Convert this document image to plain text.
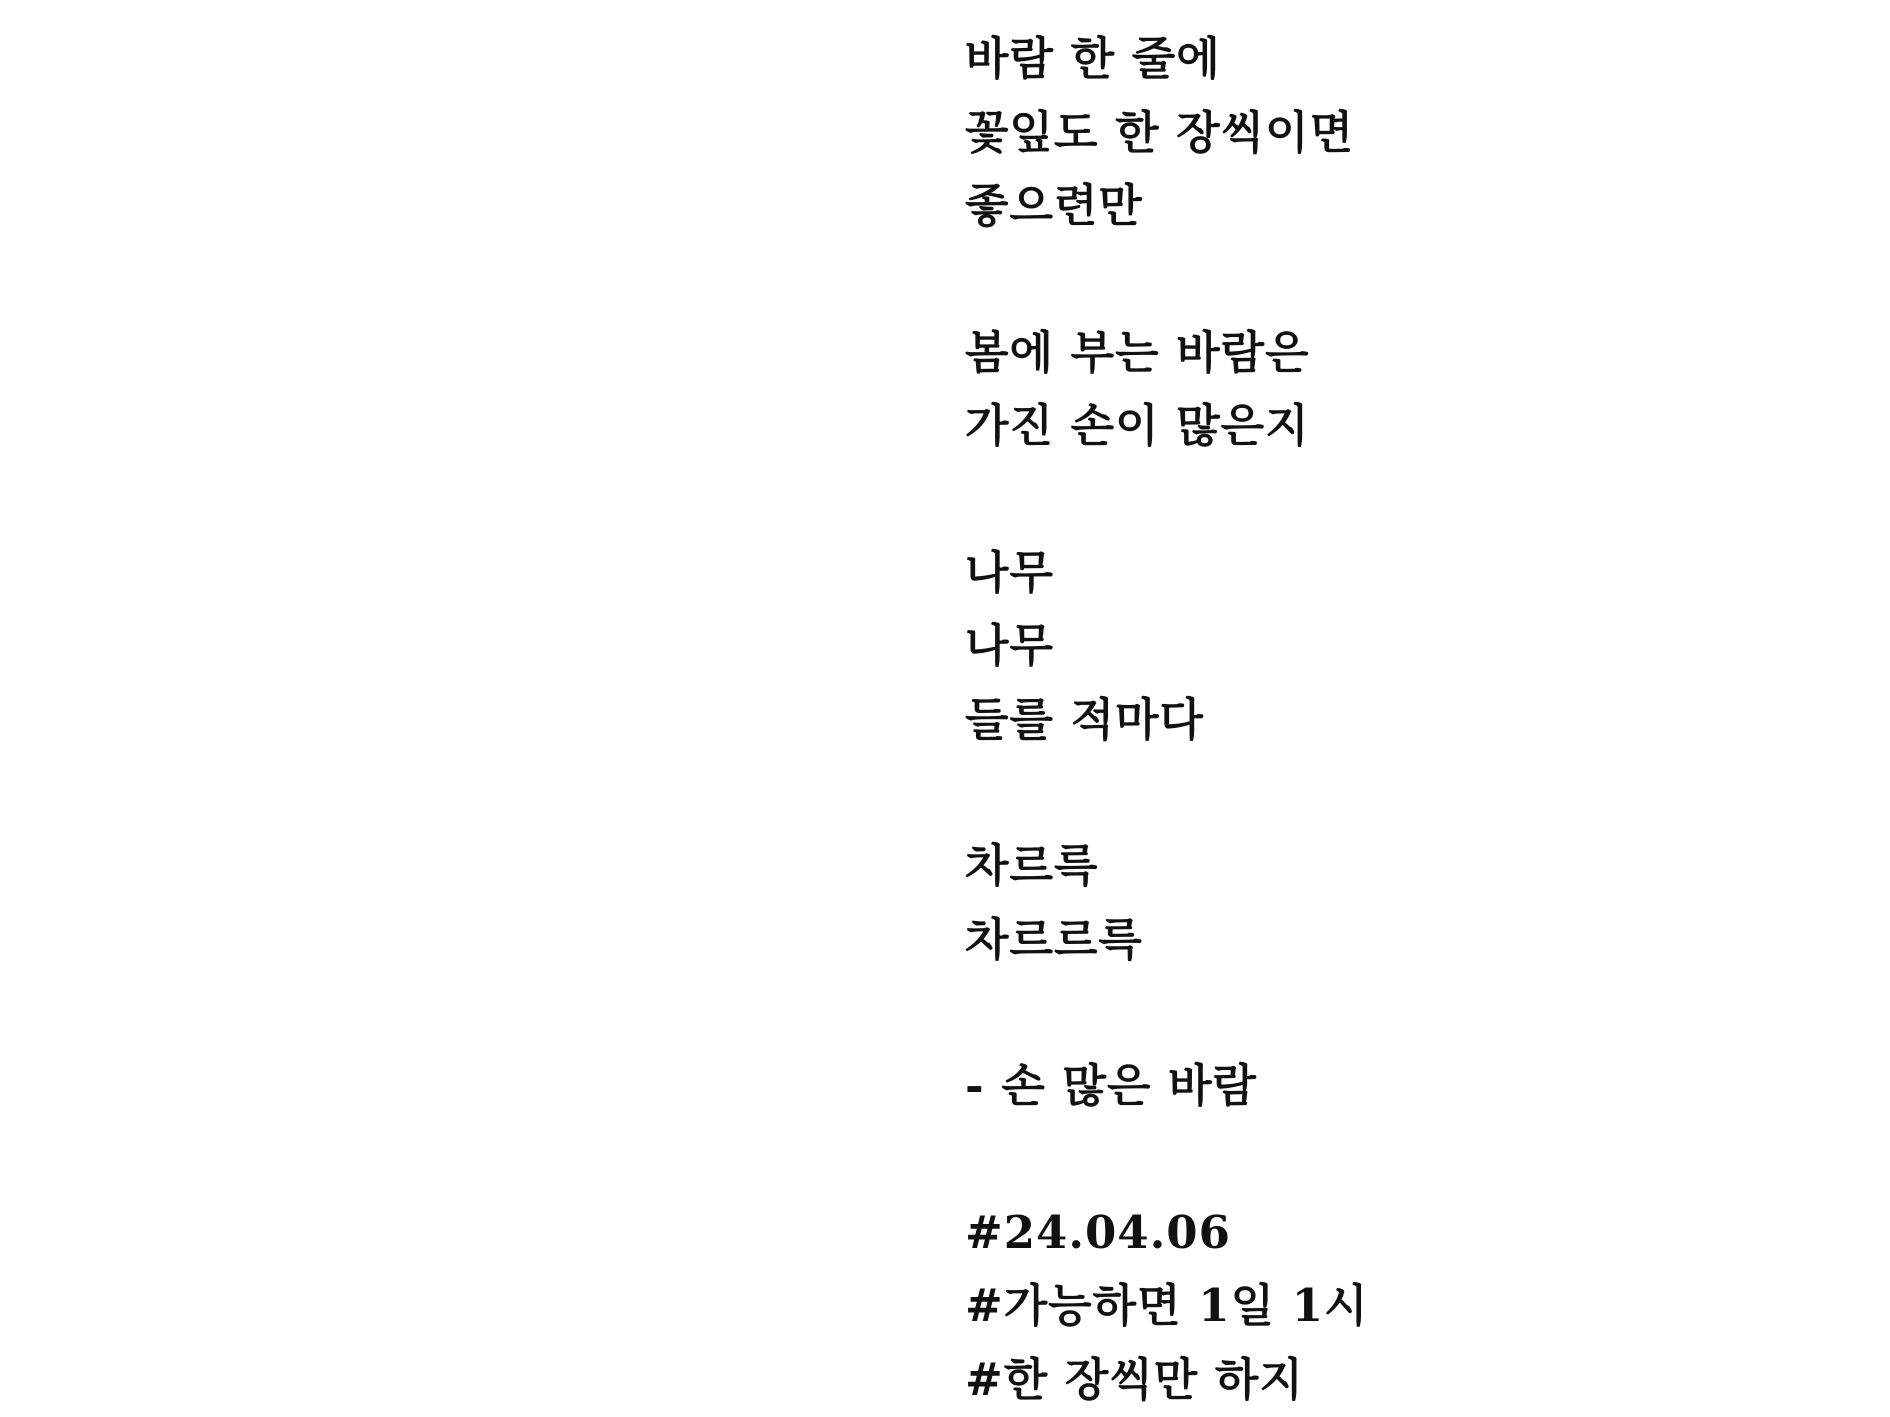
바람 한 줄에
꽃잎도 한 장씩이면
좋으련만
봄에 부는 바람은
가진 손이 많은지
나무
나무
들를 적마다
차르륵
차르르륵
- 손 많은 바람
#24.04.06
#가능하면 1일 1시
#한 장씩만 하지
